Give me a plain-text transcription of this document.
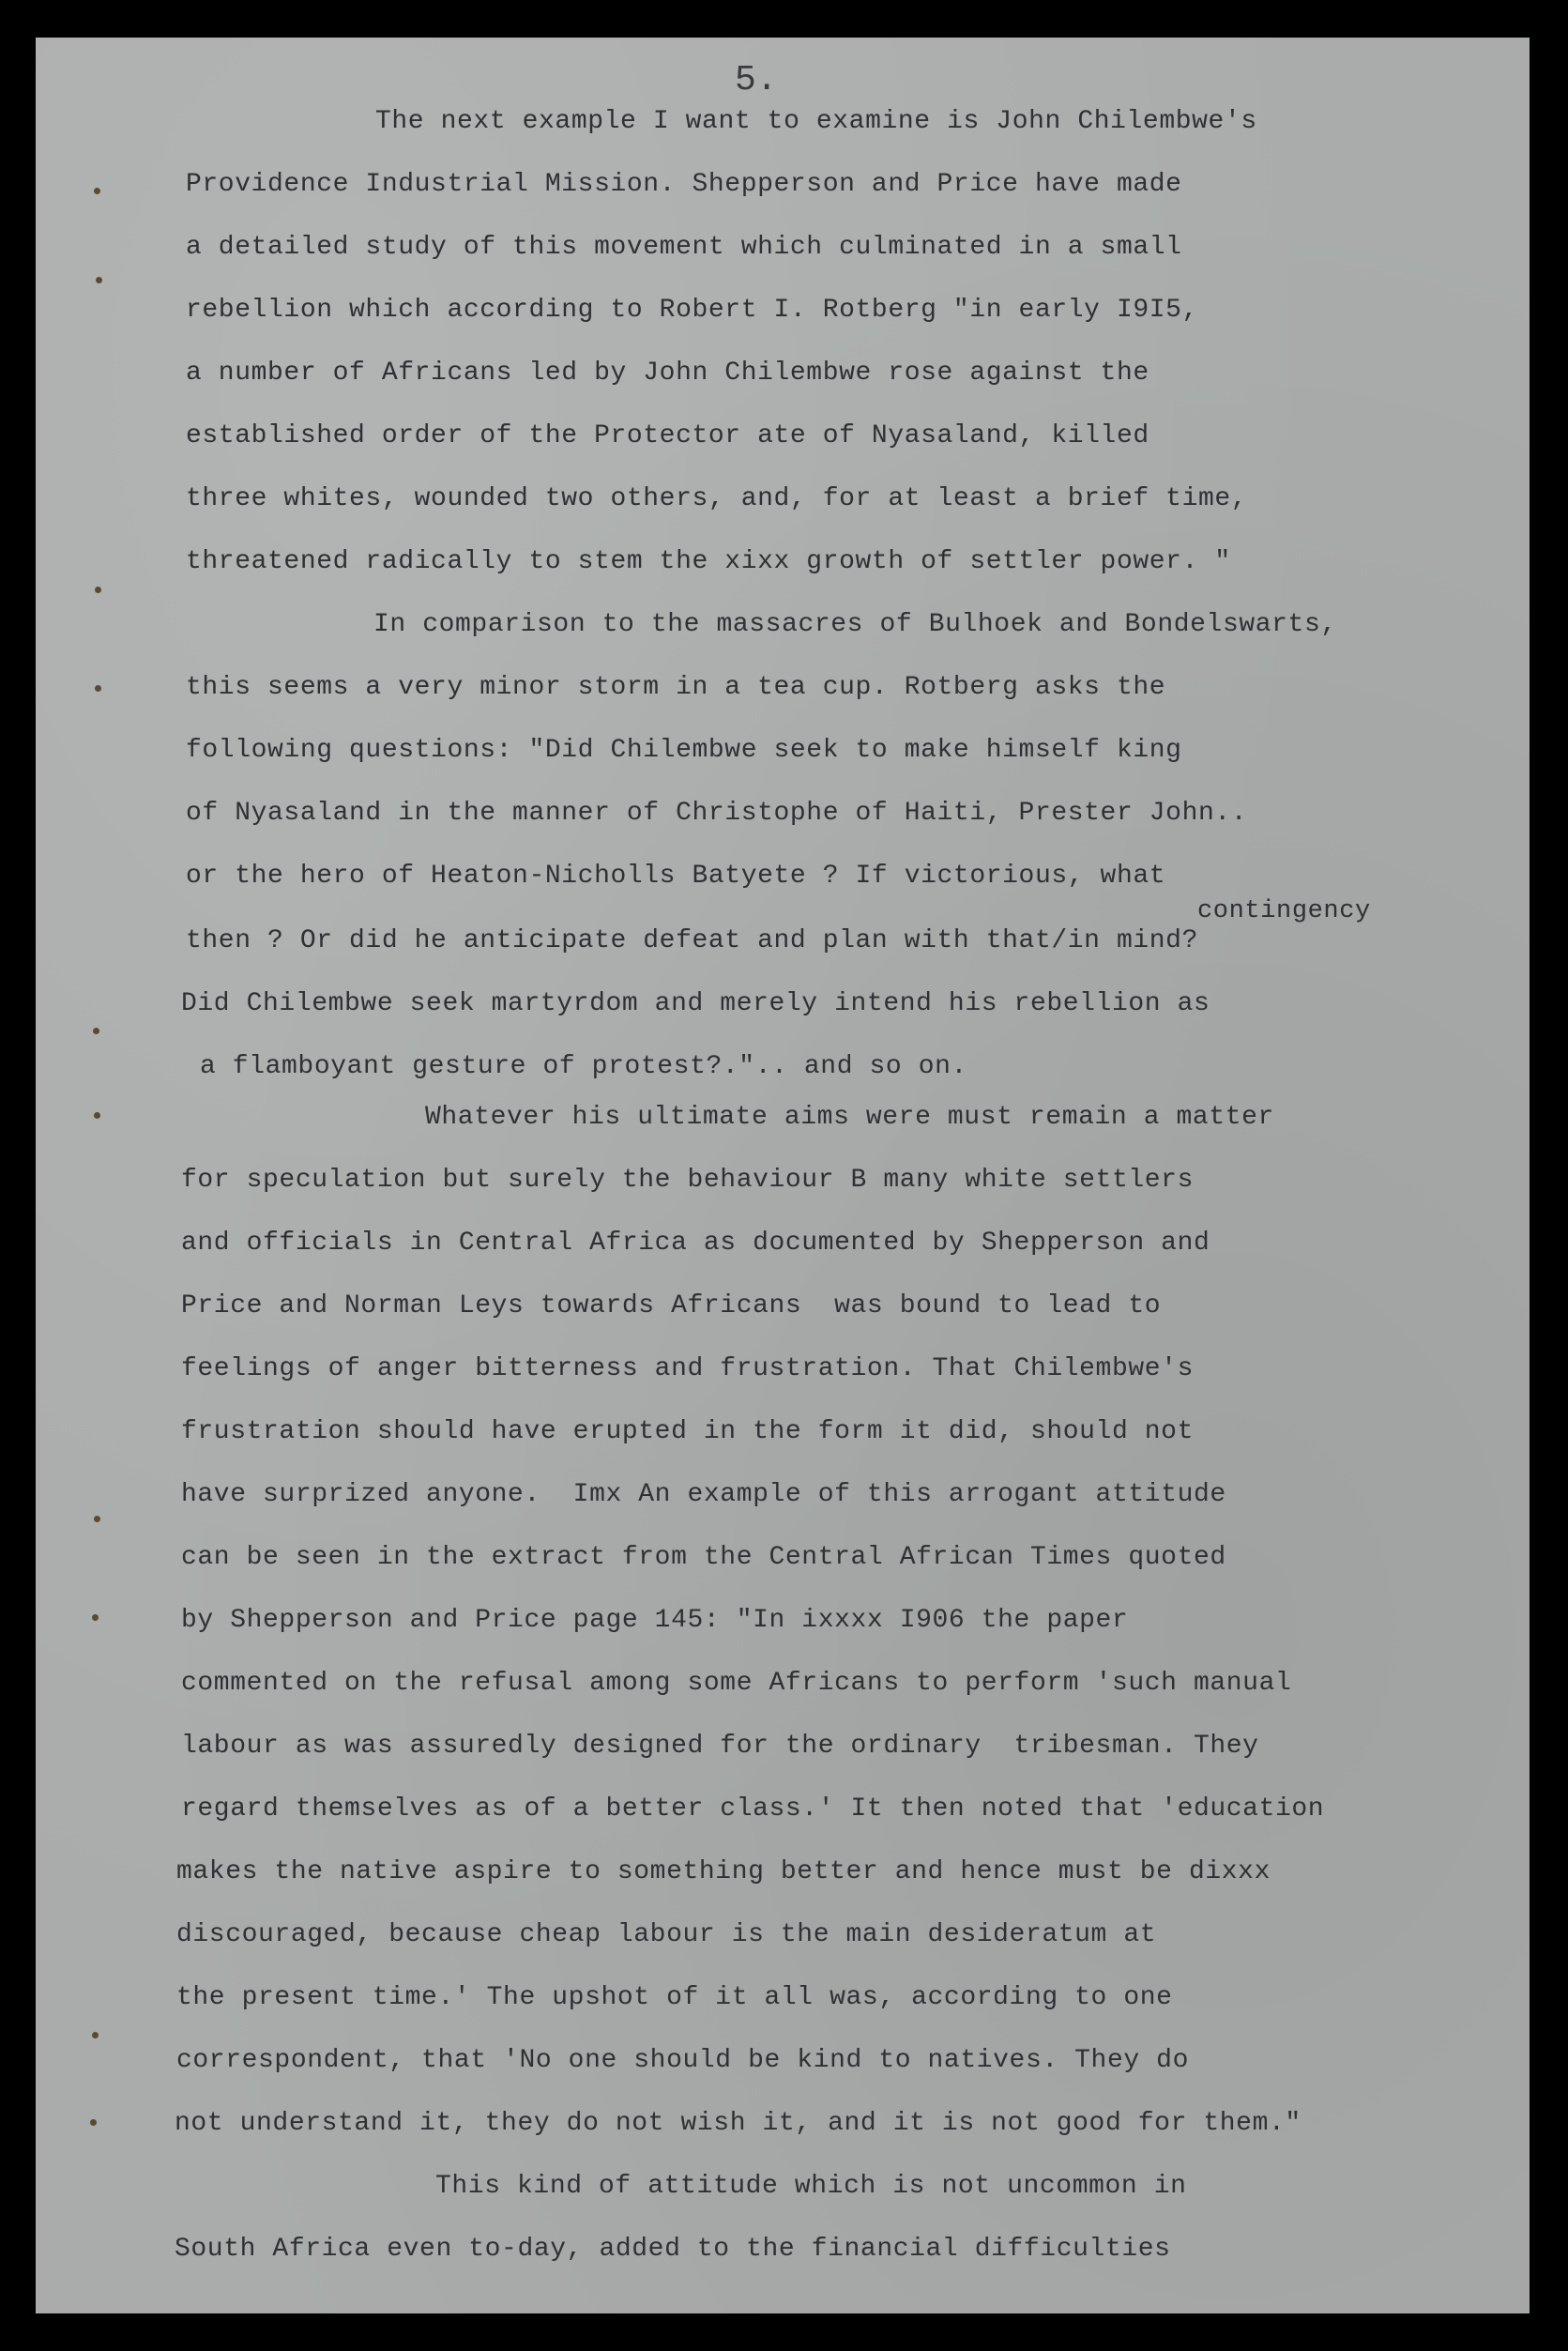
5.

The next example I want to examine is John Chilembwe's

Providence Industrial Mission. Shepperson and Price have made

a detailed study of this movement which culminated in a small

rebellion which according to Robert I. Rotberg "in early I9I5,

a number of Africans led by John Chilembwe rose against the

established order of the Protector ate of Nyasaland, killed

three whites, wounded two others, and, for at least a brief time,

threatened radically to stem the xixx growth of settler power. "

In comparison to the massacres of Bulhoek and Bondelswarts,

this seems a very minor storm in a tea cup. Rotberg asks the

following questions: "Did Chilembwe seek to make himself king

of Nyasaland in the manner of Christophe of Haiti, Prester John..

or the hero of Heaton-Nicholls Batyete ? If victorious, what

contingency

then ? Or did he anticipate defeat and plan with that/in mind?

Did Chilembwe seek martyrdom and merely intend his rebellion as

a flamboyant gesture of protest?.".. and so on.

Whatever his ultimate aims were must remain a matter

for speculation but surely the behaviour B many white settlers

and officials in Central Africa as documented by Shepperson and

Price and Norman Leys towards Africans  was bound to lead to

feelings of anger bitterness and frustration. That Chilembwe's

frustration should have erupted in the form it did, should not

have surprized anyone.  Imx An example of this arrogant attitude

can be seen in the extract from the Central African Times quoted

by Shepperson and Price page 145: "In ixxxx I906 the paper

commented on the refusal among some Africans to perform 'such manual

labour as was assuredly designed for the ordinary  tribesman. They

regard themselves as of a better class.' It then noted that 'education

makes the native aspire to something better and hence must be dixxx

discouraged, because cheap labour is the main desideratum at

the present time.' The upshot of it all was, according to one

correspondent, that 'No one should be kind to natives. They do

not understand it, they do not wish it, and it is not good for them."

This kind of attitude which is not uncommon in

South Africa even to-day, added to the financial difficulties
